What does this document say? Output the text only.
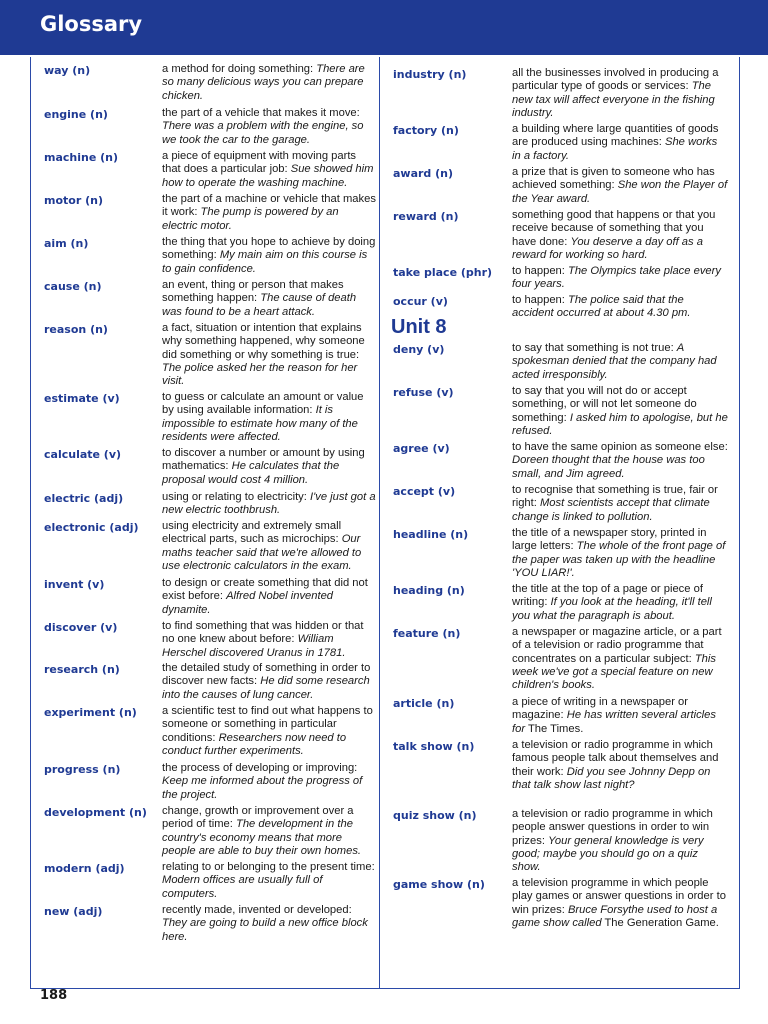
Glossary
Unit 8
way (n)	a method for doing something: There are so many delicious ways you can prepare chicken.
engine (n)	the part of a vehicle that makes it move: There was a problem with the engine, so we took the car to the garage.
machine (n)	a piece of equipment with moving parts that does a particular job: Sue showed him how to operate the washing machine.
motor (n)	the part of a machine or vehicle that makes it work: The pump is powered by an electric motor.
aim (n)	the thing that you hope to achieve by doing something: My main aim on this course is to gain confidence.
cause (n)	an event, thing or person that makes something happen: The cause of death was found to be a heart attack.
reason (n)	a fact, situation or intention that explains why something happened, why someone did something or why something is true: The police asked her the reason for her visit.
estimate (v)	to guess or calculate an amount or value by using available information: It is impossible to estimate how many of the residents were affected.
calculate (v)	to discover a number or amount by using mathematics: He calculates that the proposal would cost 4 million.
electric (adj)	using or relating to electricity: I've just got a new electric toothbrush.
electronic (adj) using electricity and extremely small electrical parts, such as microchips: Our maths teacher said that we're allowed to use electronic calculators in the exam.
invent (v)	to design or create something that did not exist before: Alfred Nobel invented dynamite.
discover (v)	to find something that was hidden or that no one knew about before: William Herschel discovered Uranus in 1781.
research (n)	the detailed study of something in order to discover new facts: He did some research into the causes of lung cancer.
experiment (n) a scientific test to find out what happens to someone or something in particular conditions: Researchers now need to conduct further experiments.
progress (n)	the process of developing or improving: Keep me informed about the progress of the project.
development (n) change, growth or improvement over a period of time: The development in the country's economy means that more people are able to buy their own homes.
modern (adj)	relating to or belonging to the present time: Modern offices are usually full of computers.
new (adj)	recently made, invented or developed: They are going to build a new office block here.
industry (n)	all the businesses involved in producing a particular type of goods or services: The new tax will affect everyone in the fishing industry.
factory (n)	a building where large quantities of goods are produced using machines: She works in a factory.
award (n)	a prize that is given to someone who has achieved something: She won the Player of the Year award.
reward (n)	something good that happens or that you receive because of something that you have done: You deserve a day off as a reward for working so hard.
take place (phr) to happen: The Olympics take place every four years.
occur (v)	to happen: The police said that the accident occurred at about 4.30 pm.
deny (v)	to say that something is not true: A spokesman denied that the company had acted irresponsibly.
refuse (v)	to say that you will not do or accept something, or will not let someone do something: I asked him to apologise, but he refused.
agree (v)	to have the same opinion as someone else: Doreen thought that the house was too small, and Jim agreed.
accept (v)	to recognise that something is true, fair or right: Most scientists accept that climate change is linked to pollution.
headline (n)	the title of a newspaper story, printed in large letters: The whole of the front page of the paper was taken up with the headline 'YOU LIAR!'.
heading (n)	the title at the top of a page or piece of writing: If you look at the heading, it'll tell you what the paragraph is about.
feature (n)	a newspaper or magazine article, or a part of a television or radio programme that concentrates on a particular subject: This week we've got a special feature on new children's books.
article (n)	a piece of writing in a newspaper or magazine: He has written several articles for The Times.
talk show (n)	a television or radio programme in which famous people talk about themselves and their work: Did you see Johnny Depp on that talk show last night?
quiz show (n)	a television or radio programme in which people answer questions in order to win prizes: Your general knowledge is very good; maybe you should go on a quiz show.
game show (n) a television programme in which people play games or answer questions in order to win prizes: Bruce Forsythe used to host a game show called The Generation Game.
188
